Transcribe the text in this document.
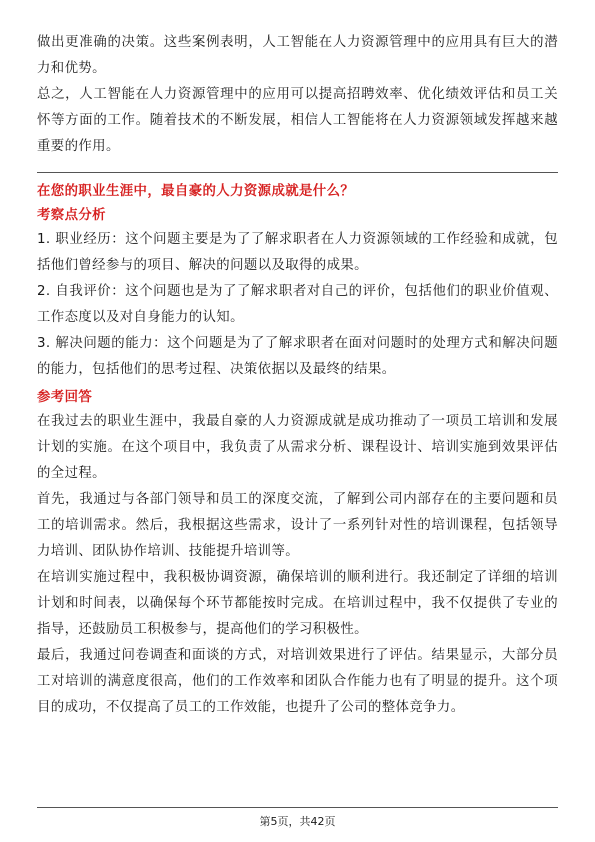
做出更准确的决策。这些案例表明，人工智能在人力资源管理中的应用具有巨大的潜力和优势。

总之，人工智能在人力资源管理中的应用可以提高招聘效率、优化绩效评估和员工关怀等方面的工作。随着技术的不断发展，相信人工智能将在人力资源领域发挥越来越重要的作用。

在您的职业生涯中，最自豪的人力资源成就是什么？

考察点分析

1. 职业经历：这个问题主要是为了了解求职者在人力资源领域的工作经验和成就，包括他们曾经参与的项目、解决的问题以及取得的成果。

2. 自我评价：这个问题也是为了了解求职者对自己的评价，包括他们的职业价值观、工作态度以及对自身能力的认知。

3. 解决问题的能力：这个问题是为了了解求职者在面对问题时的处理方式和解决问题的能力，包括他们的思考过程、决策依据以及最终的结果。

参考回答

在我过去的职业生涯中，我最自豪的人力资源成就是成功推动了一项员工培训和发展计划的实施。在这个项目中，我负责了从需求分析、课程设计、培训实施到效果评估的全过程。

首先，我通过与各部门领导和员工的深度交流，了解到公司内部存在的主要问题和员工的培训需求。然后，我根据这些需求，设计了一系列针对性的培训课程，包括领导力培训、团队协作培训、技能提升培训等。

在培训实施过程中，我积极协调资源，确保培训的顺利进行。我还制定了详细的培训计划和时间表，以确保每个环节都能按时完成。在培训过程中，我不仅提供了专业的指导，还鼓励员工积极参与，提高他们的学习积极性。

最后，我通过问卷调查和面谈的方式，对培训效果进行了评估。结果显示，大部分员工对培训的满意度很高，他们的工作效率和团队合作能力也有了明显的提升。这个项目的成功，不仅提高了员工的工作效能，也提升了公司的整体竞争力。

第5页，共42页
